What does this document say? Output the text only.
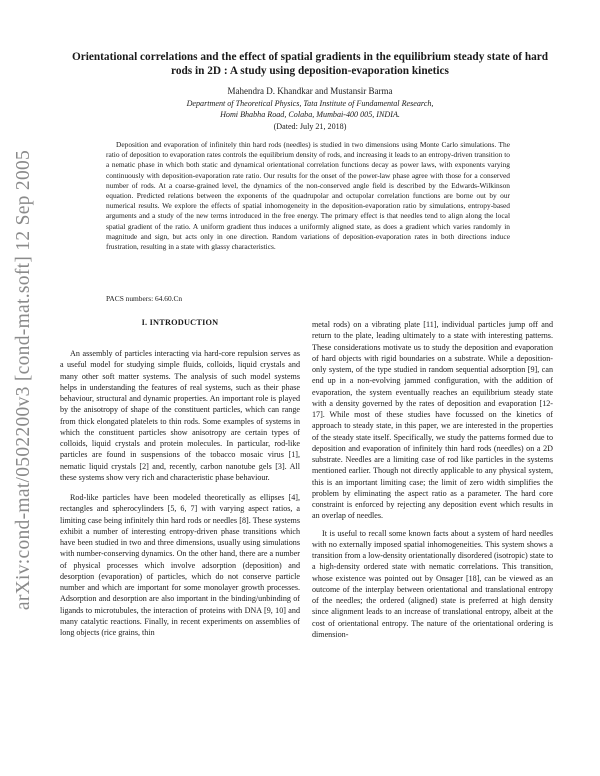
arXiv:cond-mat/0502200v3 [cond-mat.soft] 12 Sep 2005
Orientational correlations and the effect of spatial gradients in the equilibrium steady state of hard rods in 2D : A study using deposition-evaporation kinetics
Mahendra D. Khandkar and Mustansir Barma
Department of Theoretical Physics, Tata Institute of Fundamental Research,
Homi Bhabha Road, Colaba, Mumbai-400 005, INDIA.
(Dated: July 21, 2018)

Deposition and evaporation of infinitely thin hard rods (needles) is studied in two dimensions using Monte Carlo simulations. The ratio of deposition to evaporation rates controls the equilibrium density of rods, and increasing it leads to an entropy-driven transition to a nematic phase in which both static and dynamical orientational correlation functions decay as power laws, with exponents varying continuously with deposition-evaporation rate ratio. Our results for the onset of the power-law phase agree with those for a conserved number of rods. At a coarse-grained level, the dynamics of the non-conserved angle field is described by the Edwards-Wilkinson equation. Predicted relations between the exponents of the quadrupolar and octupolar correlation functions are borne out by our numerical results. We explore the effects of spatial inhomogeneity in the deposition-evaporation ratio by simulations, entropy-based arguments and a study of the new terms introduced in the free energy. The primary effect is that needles tend to align along the local spatial gradient of the ratio. A uniform gradient thus induces a uniformly aligned state, as does a gradient which varies randomly in magnitude and sign, but acts only in one direction. Random variations of deposition-evaporation rates in both directions induce frustration, resulting in a state with glassy characteristics.

PACS numbers: 64.60.Cn
I. INTRODUCTION

An assembly of particles interacting via hard-core repulsion serves as a useful model for studying simple fluids, colloids, liquid crystals and many other soft matter systems. The analysis of such model systems helps in understanding the features of real systems, such as their phase behaviour, structural and dynamic properties. An important role is played by the anisotropy of shape of the constituent particles, which can range from thick elongated platelets to thin rods. Some examples of systems in which the constituent particles show anisotropy are certain types of colloids, liquid crystals and protein molecules. In particular, rod-like particles are found in suspensions of the tobacco mosaic virus [1], nematic liquid crystals [2] and, recently, carbon nanotube gels [3]. All these systems show very rich and characteristic phase behaviour.

Rod-like particles have been modeled theoretically as ellipses [4], rectangles and spherocylinders [5, 6, 7] with varying aspect ratios, a limiting case being infinitely thin hard rods or needles [8]. These systems exhibit a number of interesting entropy-driven phase transitions which have been studied in two and three dimensions, usually using simulations with number-conserving dynamics. On the other hand, there are a number of physical processes which involve adsorption (deposition) and desorption (evaporation) of particles, which do not conserve particle number and which are important for some monolayer growth processes. Adsorption and desorption are also important in the binding/unbinding of ligands to microtubules, the interaction of proteins with DNA [9, 10] and many catalytic reactions. Finally, in recent experiments on assemblies of long objects (rice grains, thin

metal rods) on a vibrating plate [11], individual particles jump off and return to the plate, leading ultimately to a state with interesting patterns. These considerations motivate us to study the deposition and evaporation of hard objects with rigid boundaries on a substrate. While a deposition-only system, of the type studied in random sequential adsorption [9], can end up in a non-evolving jammed configuration, with the addition of evaporation, the system eventually reaches an equilibrium steady state with a density governed by the rates of deposition and evaporation [12-17]. While most of these studies have focussed on the kinetics of approach to steady state, in this paper, we are interested in the properties of the steady state itself. Specifically, we study the patterns formed due to deposition and evaporation of infinitely thin hard rods (needles) on a 2D substrate. Needles are a limiting case of rod like particles in the systems mentioned earlier. Though not directly applicable to any physical system, this is an important limiting case; the limit of zero width simplifies the problem by eliminating the aspect ratio as a parameter. The hard core constraint is enforced by rejecting any deposition event which results in an overlap of needles.

It is useful to recall some known facts about a system of hard needles with no externally imposed spatial inhomogeneities. This system shows a transition from a low-density orientationally disordered (isotropic) state to a high-density ordered state with nematic correlations. This transition, whose existence was pointed out by Onsager [18], can be viewed as an outcome of the interplay between orientational and translational entropy of the needles; the ordered (aligned) state is preferred at high density since alignment leads to an increase of translational entropy, albeit at the cost of orientational entropy. The nature of the orientational ordering is dimension-
